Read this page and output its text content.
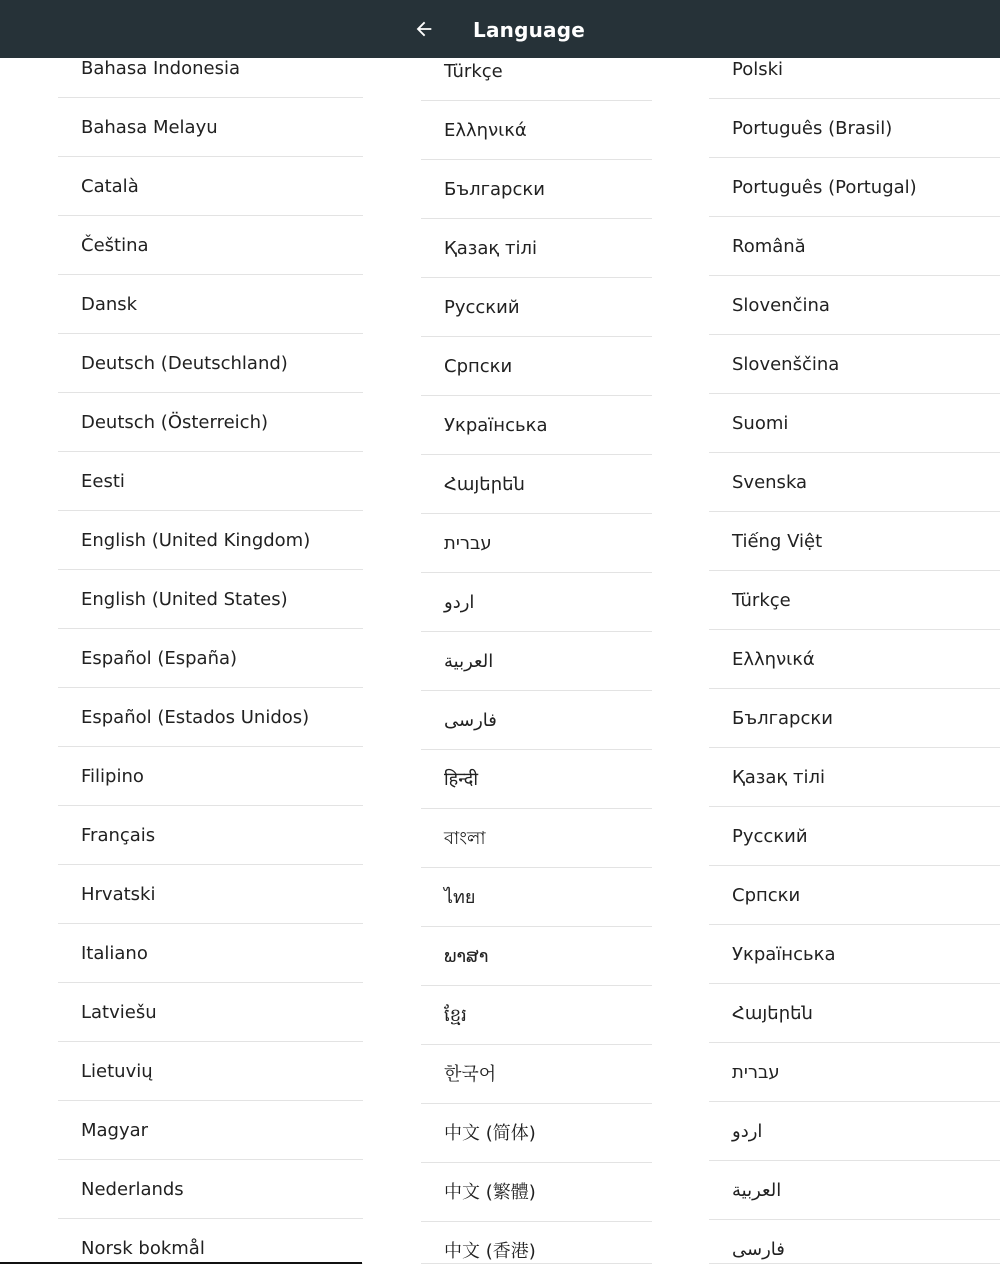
Language
Bahasa Indonesia
Bahasa Melayu
Català
Čeština
Dansk
Deutsch (Deutschland)
Deutsch (Österreich)
Eesti
English (United Kingdom)
English (United States)
Español (España)
Español (Estados Unidos)
Filipino
Français
Hrvatski
Italiano
Latviešu
Lietuvių
Magyar
Nederlands
Norsk bokmål
Türkçe
Ελληνικά
Български
Қазақ тілі
Русский
Српски
Українська
Հայերեն
עברית
اردو
العربية
فارسی
हिन्दी
বাংলা
ไทย
ພາສາ
ខ្មែរ
한국어
中文 (简体)
中文 (繁體)
中文 (香港)
Polski
Português (Brasil)
Português (Portugal)
Română
Slovenčina
Slovenščina
Suomi
Svenska
Tiếng Việt
Türkçe
Ελληνικά
Български
Қазақ тілі
Русский
Српски
Українська
Հայերեն
עברית
اردو
العربية
فارسی
